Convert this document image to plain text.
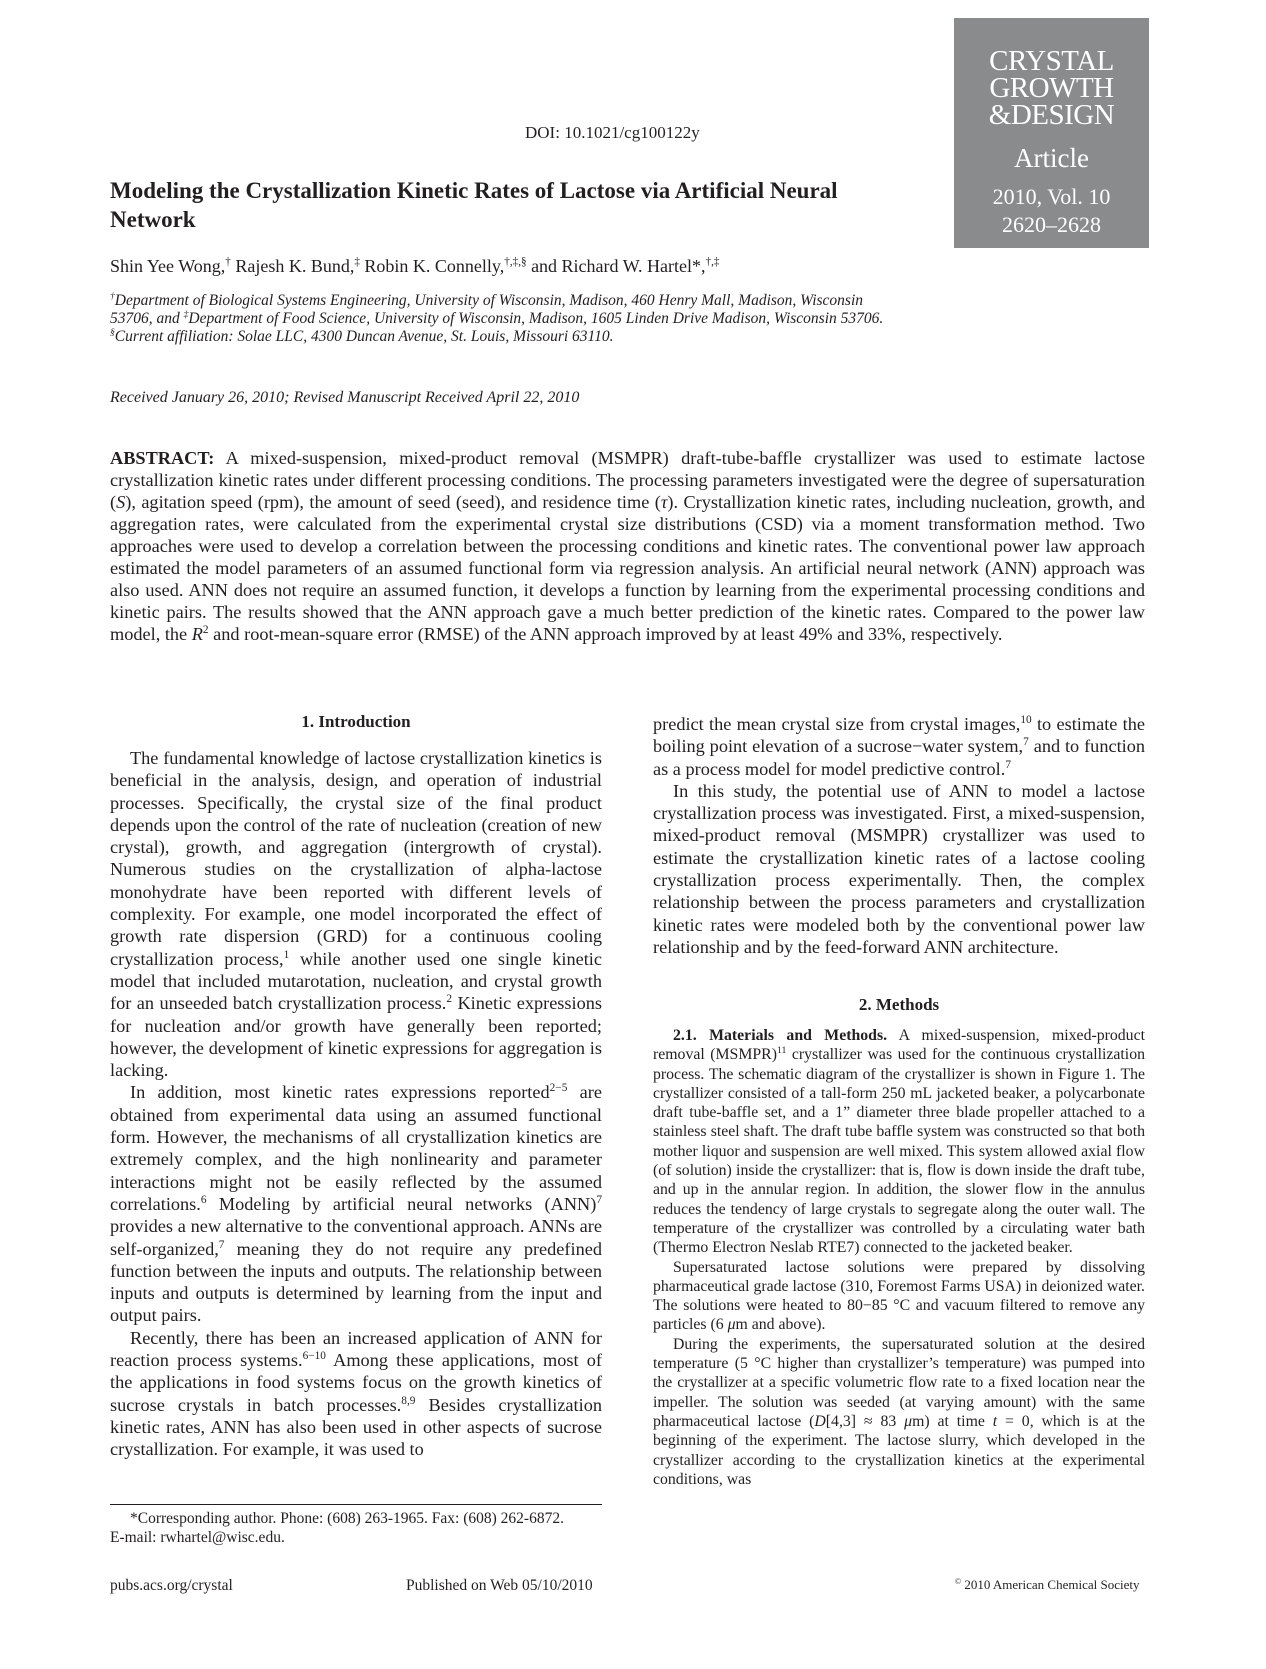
CRYSTAL
GROWTH
&DESIGN
Article
2010, Vol. 10
2620–2628
DOI: 10.1021/cg100122y
Modeling the Crystallization Kinetic Rates of Lactose via Artificial Neural Network
Shin Yee Wong,† Rajesh K. Bund,‡ Robin K. Connelly,†,‡,§ and Richard W. Hartel*,†,‡
†Department of Biological Systems Engineering, University of Wisconsin, Madison, 460 Henry Mall, Madison, Wisconsin 53706, and ‡Department of Food Science, University of Wisconsin, Madison, 1605 Linden Drive Madison, Wisconsin 53706. §Current affiliation: Solae LLC, 4300 Duncan Avenue, St. Louis, Missouri 63110.
Received January 26, 2010; Revised Manuscript Received April 22, 2010
ABSTRACT: A mixed-suspension, mixed-product removal (MSMPR) draft-tube-baffle crystallizer was used to estimate lactose crystallization kinetic rates under different processing conditions. The processing parameters investigated were the degree of supersaturation (S), agitation speed (rpm), the amount of seed (seed), and residence time (τ). Crystallization kinetic rates, including nucleation, growth, and aggregation rates, were calculated from the experimental crystal size distributions (CSD) via a moment transformation method. Two approaches were used to develop a correlation between the processing conditions and kinetic rates. The conventional power law approach estimated the model parameters of an assumed functional form via regression analysis. An artificial neural network (ANN) approach was also used. ANN does not require an assumed function, it develops a function by learning from the experimental processing conditions and kinetic pairs. The results showed that the ANN approach gave a much better prediction of the kinetic rates. Compared to the power law model, the $R^2$ and root-mean-square error (RMSE) of the ANN approach improved by at least 49% and 33%, respectively.
1. Introduction

The fundamental knowledge of lactose crystallization kinetics is beneficial in the analysis, design, and operation of industrial processes. Specifically, the crystal size of the final product depends upon the control of the rate of nucleation (creation of new crystal), growth, and aggregation (intergrowth of crystal). Numerous studies on the crystallization of alpha-lactose monohydrate have been reported with different levels of complexity. For example, one model incorporated the effect of growth rate dispersion (GRD) for a continuous cooling crystallization process,$^1$ while another used one single kinetic model that included mutarotation, nucleation, and crystal growth for an unseeded batch crystallization process.$^2$ Kinetic expressions for nucleation and/or growth have generally been reported; however, the development of kinetic expressions for aggregation is lacking.

In addition, most kinetic rates expressions reported$^{2-5}$ are obtained from experimental data using an assumed functional form. However, the mechanisms of all crystallization kinetics are extremely complex, and the high nonlinearity and parameter interactions might not be easily reflected by the assumed correlations.$^6$ Modeling by artificial neural networks (ANN)$^7$ provides a new alternative to the conventional approach. ANNs are self-organized,$^7$ meaning they do not require any predefined function between the inputs and outputs. The relationship between inputs and outputs is determined by learning from the input and output pairs.

Recently, there has been an increased application of ANN for reaction process systems.$^{6-10}$ Among these applications, most of the applications in food systems focus on the growth kinetics of sucrose crystals in batch processes.$^{8,9}$ Besides crystallization kinetic rates, ANN has also been used in other aspects of sucrose crystallization. For example, it was used to

predict the mean crystal size from crystal images,$^{10}$ to estimate the boiling point elevation of a sucrose−water system,$^7$ and to function as a process model for model predictive control.$^7$

In this study, the potential use of ANN to model a lactose crystallization process was investigated. First, a mixed-suspension, mixed-product removal (MSMPR) crystallizer was used to estimate the crystallization kinetic rates of a lactose cooling crystallization process experimentally. Then, the complex relationship between the process parameters and crystallization kinetic rates were modeled both by the conventional power law relationship and by the feed-forward ANN architecture.

2. Methods

2.1. Materials and Methods. A mixed-suspension, mixed-product removal (MSMPR)$^{11}$ crystallizer was used for the continuous crystallization process. The schematic diagram of the crystallizer is shown in Figure 1. The crystallizer consisted of a tall-form 250 mL jacketed beaker, a polycarbonate draft tube-baffle set, and a 1” diameter three blade propeller attached to a stainless steel shaft. The draft tube baffle system was constructed so that both mother liquor and suspension are well mixed. This system allowed axial flow (of solution) inside the crystallizer: that is, flow is down inside the draft tube, and up in the annular region. In addition, the slower flow in the annulus reduces the tendency of large crystals to segregate along the outer wall. The temperature of the crystallizer was controlled by a circulating water bath (Thermo Electron Neslab RTE7) connected to the jacketed beaker.

Supersaturated lactose solutions were prepared by dissolving pharmaceutical grade lactose (310, Foremost Farms USA) in deionized water. The solutions were heated to 80−85 °C and vacuum filtered to remove any particles (6 μm and above).

During the experiments, the supersaturated solution at the desired temperature (5 °C higher than crystallizer’s temperature) was pumped into the crystallizer at a specific volumetric flow rate to a fixed location near the impeller. The solution was seeded (at varying amount) with the same pharmaceutical lactose (D[4,3] ≈ 83 μm) at time t = 0, which is at the beginning of the experiment. The lactose slurry, which developed in the crystallizer according to the crystallization kinetics at the experimental conditions, was

*Corresponding author. Phone: (608) 263-1965. Fax: (608) 262-6872.
E-mail: rwhartel@wisc.edu.
pubs.acs.org/crystal	Published on Web 05/10/2010	© 2010 American Chemical Society
